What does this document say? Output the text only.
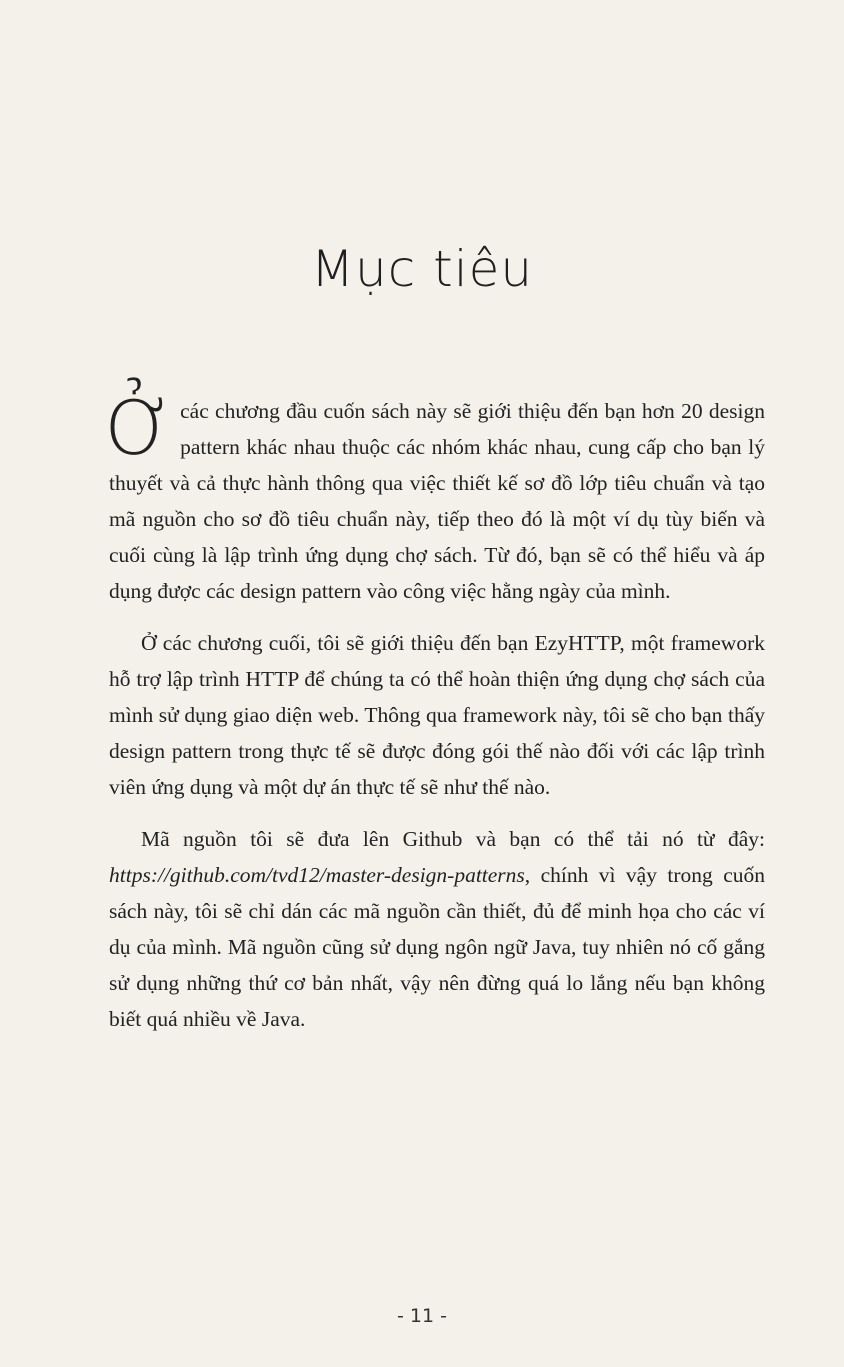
Mục tiêu

Ở các chương đầu cuốn sách này sẽ giới thiệu đến bạn hơn 20 design pattern khác nhau thuộc các nhóm khác nhau, cung cấp cho bạn lý thuyết và cả thực hành thông qua việc thiết kế sơ đồ lớp tiêu chuẩn và tạo mã nguồn cho sơ đồ tiêu chuẩn này, tiếp theo đó là một ví dụ tùy biến và cuối cùng là lập trình ứng dụng chợ sách. Từ đó, bạn sẽ có thể hiểu và áp dụng được các design pattern vào công việc hằng ngày của mình.

Ở các chương cuối, tôi sẽ giới thiệu đến bạn EzyHTTP, một framework hỗ trợ lập trình HTTP để chúng ta có thể hoàn thiện ứng dụng chợ sách của mình sử dụng giao diện web. Thông qua framework này, tôi sẽ cho bạn thấy design pattern trong thực tế sẽ được đóng gói thế nào đối với các lập trình viên ứng dụng và một dự án thực tế sẽ như thế nào.

Mã nguồn tôi sẽ đưa lên Github và bạn có thể tải nó từ đây: https://github.com/tvd12/master-design-patterns, chính vì vậy trong cuốn sách này, tôi sẽ chỉ dán các mã nguồn cần thiết, đủ để minh họa cho các ví dụ của mình. Mã nguồn cũng sử dụng ngôn ngữ Java, tuy nhiên nó cố gắng sử dụng những thứ cơ bản nhất, vậy nên đừng quá lo lắng nếu bạn không biết quá nhiều về Java.

- 11 -
